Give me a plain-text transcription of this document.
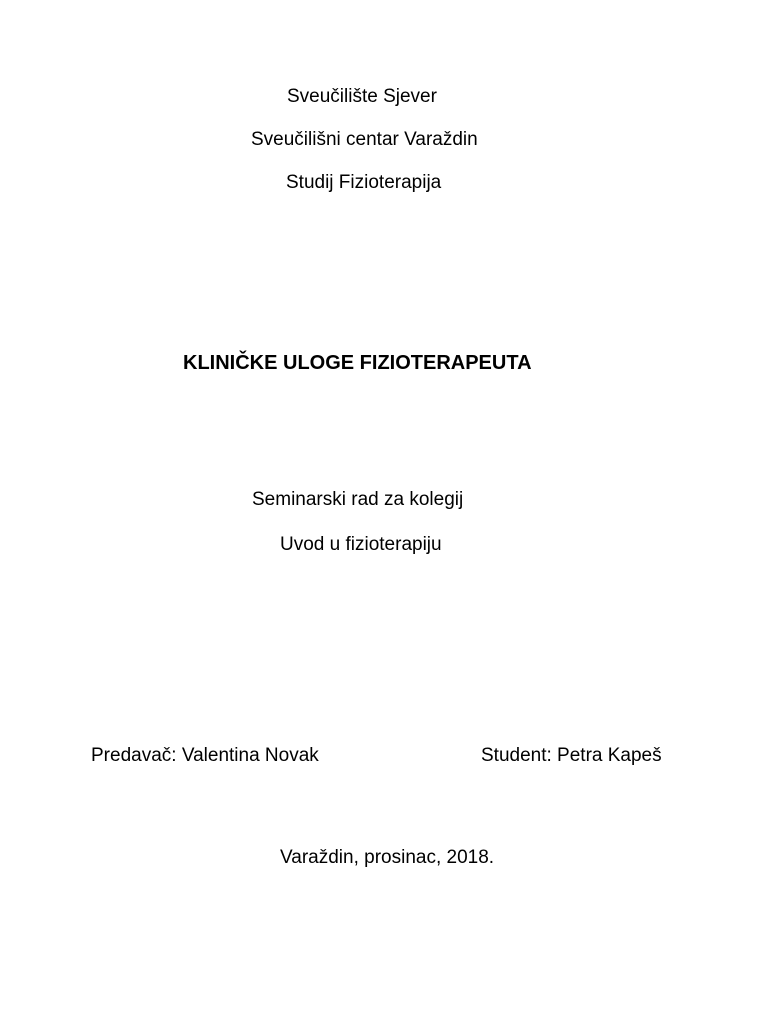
Sveučilište Sjever
Sveučilišni centar Varaždin
Studij Fizioterapija
KLINIČKE ULOGE FIZIOTERAPEUTA
Seminarski rad za kolegij
Uvod u fizioterapiju
Predavač: Valentina Novak	Student: Petra Kapeš
Varaždin, prosinac, 2018.
